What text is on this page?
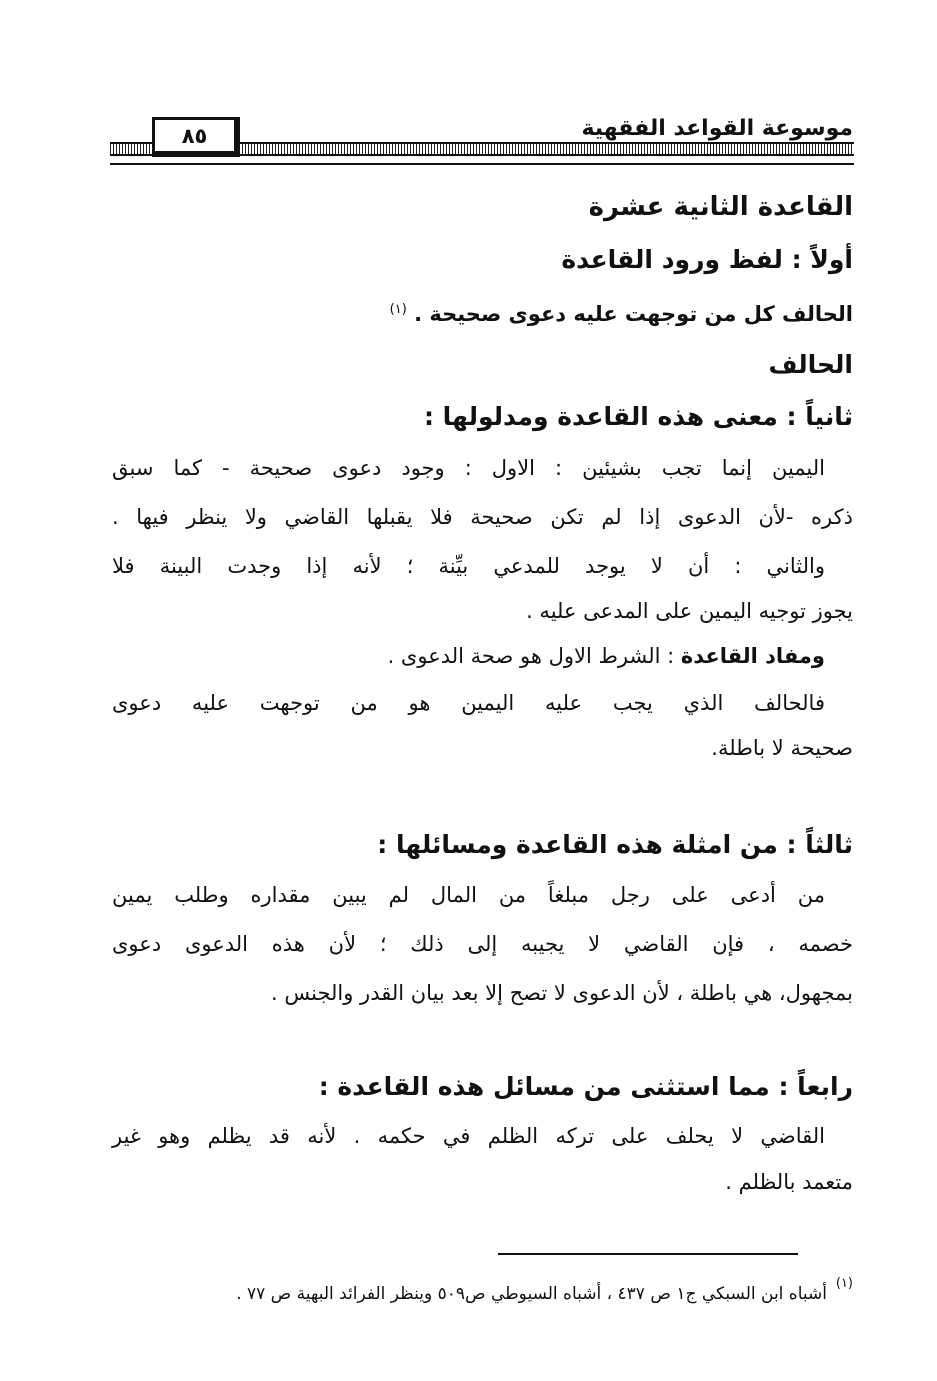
موسوعة القواعد الفقهية
٨٥
القاعدة الثانية عشرة
أولاً : لفظ ورود القاعدة
الحالف كل من توجهت عليه دعوى صحيحة . $^{(١)}$
الحالف
ثانياً : معنى هذه القاعدة ومدلولها :
اليمين إنما تجب بشيئين : الاول : وجود دعوى صحيحة - كما سبق
ذكره -لأن الدعوى إذا لم تكن صحيحة فلا يقبلها القاضي ولا ينظر فيها .
والثاني : أن لا يوجد للمدعي بيِّنة ؛ لأنه إذا وجدت البينة فلا
يجوز توجيه اليمين على المدعى عليه .
ومفاد القاعدة : الشرط الاول هو صحة الدعوى .
فالحالف الذي يجب عليه اليمين هو من توجهت عليه دعوى
صحيحة لا باطلة.
ثالثاً : من امثلة هذه القاعدة ومسائلها :
من أدعى على رجل مبلغاً من المال لم يبين مقداره وطلب يمين
خصمه ، فإن القاضي لا يجيبه إلى ذلك ؛ لأن هذه الدعوى دعوى
بمجهول، هي باطلة ، لأن الدعوى لا تصح إلا بعد بيان القدر والجنس .
رابعاً : مما استثنى من مسائل هذه القاعدة :
القاضي لا يحلف على تركه الظلم في حكمه . لأنه قد يظلم وهو غير
متعمد بالظلم .
(١)
أشباه ابن السبكي ج١ ص ٤٣٧ ، أشباه السيوطي ص٥٠٩ وينظر الفرائد البهية ص ٧٧ .
